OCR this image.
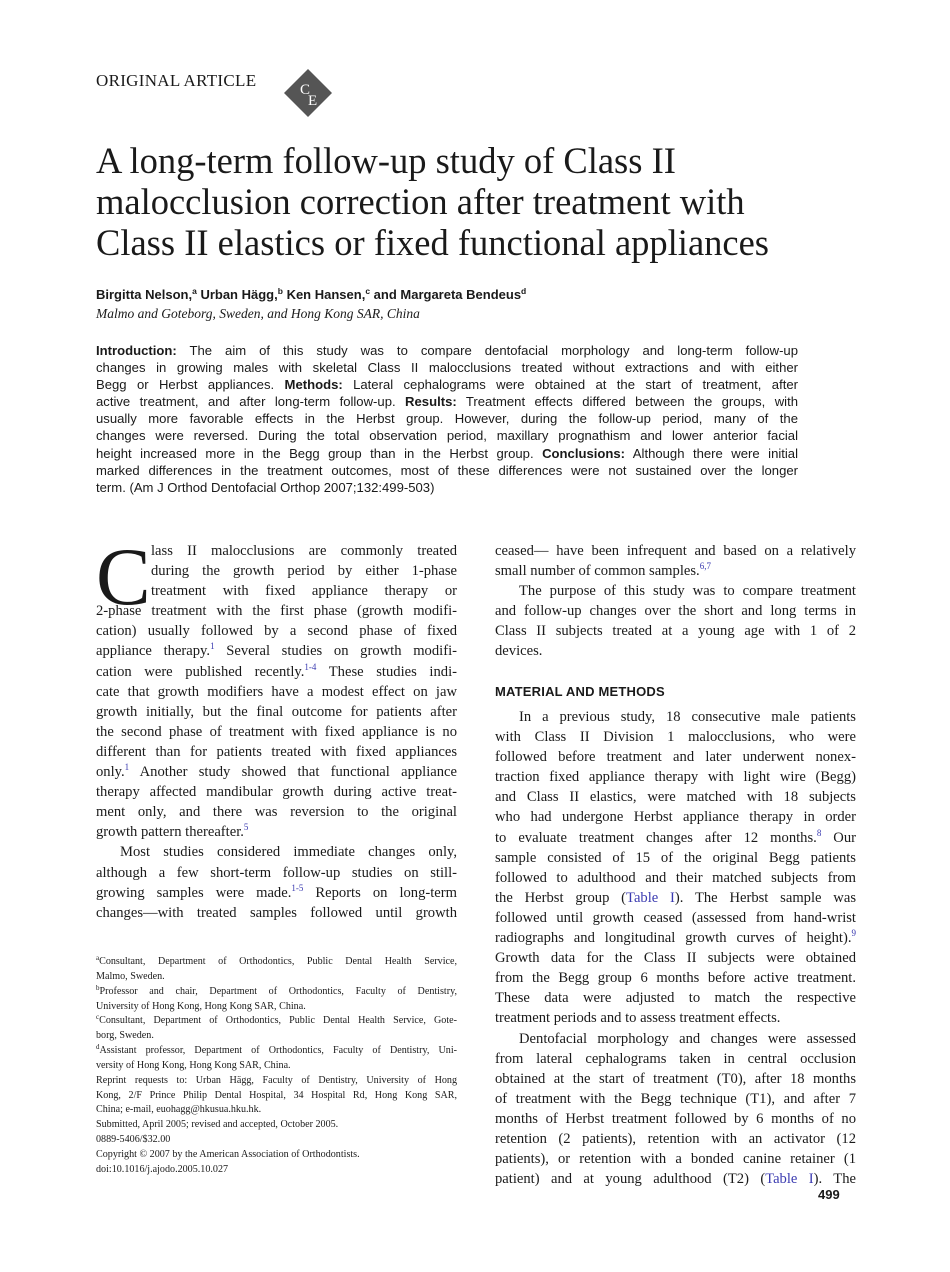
ORIGINAL ARTICLE	C
E
A long-term follow-up study of Class II
malocclusion correction after treatment with
Class II elastics or fixed functional appliances
Birgitta Nelson,$^a$ Urban Hägg,$^b$ Ken Hansen,$^c$ and Margareta Bendeus$^d$
Malmo and Goteborg, Sweden, and Hong Kong SAR, China
Introduction: The aim of this study was to compare dentofacial morphology and long-term follow-up
changes in growing males with skeletal Class II malocclusions treated without extractions and with either
Begg or Herbst appliances. Methods: Lateral cephalograms were obtained at the start of treatment, after
active treatment, and after long-term follow-up. Results: Treatment effects differed between the groups, with
usually more favorable effects in the Herbst group. However, during the follow-up period, many of the
changes were reversed. During the total observation period, maxillary prognathism and lower anterior facial
height increased more in the Begg group than in the Herbst group. Conclusions: Although there were initial
marked differences in the treatment outcomes, most of these differences were not sustained over the longer
term. (Am J Orthod Dentofacial Orthop 2007;132:499-503)
C lass II malocclusions are commonly treated
during the growth period by either 1-phase
treatment with fixed appliance therapy or
2-phase treatment with the first phase (growth modifi-
cation) usually followed by a second phase of fixed
appliance therapy.$^1$ Several studies on growth modifi-
cation were published recently.$^{1-4}$ These studies indi-
cate that growth modifiers have a modest effect on jaw
growth initially, but the final outcome for patients after
the second phase of treatment with fixed appliance is no
different than for patients treated with fixed appliances
only.$^1$ Another study showed that functional appliance
therapy affected mandibular growth during active treat-
ment only, and there was reversion to the original
growth pattern thereafter.$^5$
Most studies considered immediate changes only,
although a few short-term follow-up studies on still-
growing samples were made.$^{1-5}$ Reports on long-term
changes—with treated samples followed until growth
$^a$Consultant, Department of Orthodontics, Public Dental Health Service,
Malmo, Sweden.
$^b$Professor and chair, Department of Orthodontics, Faculty of Dentistry,
University of Hong Kong, Hong Kong SAR, China.
$^c$Consultant, Department of Orthodontics, Public Dental Health Service, Gote-
borg, Sweden.
$^d$Assistant professor, Department of Orthodontics, Faculty of Dentistry, Uni-
versity of Hong Kong, Hong Kong SAR, China.
Reprint requests to: Urban Hägg, Faculty of Dentistry, University of Hong
Kong, 2/F Prince Philip Dental Hospital, 34 Hospital Rd, Hong Kong SAR,
China; e-mail, euohagg@hkusua.hku.hk.
Submitted, April 2005; revised and accepted, October 2005.
0889-5406/$32.00
Copyright © 2007 by the American Association of Orthodontists.
doi:10.1016/j.ajodo.2005.10.027
ceased— have been infrequent and based on a relatively
small number of common samples.$^{6,7}$
The purpose of this study was to compare treatment
and follow-up changes over the short and long terms in
Class II subjects treated at a young age with 1 of 2
devices.
MATERIAL AND METHODS
In a previous study, 18 consecutive male patients
with Class II Division 1 malocclusions, who were
followed before treatment and later underwent nonex-
traction fixed appliance therapy with light wire (Begg)
and Class II elastics, were matched with 18 subjects
who had undergone Herbst appliance therapy in order
to evaluate treatment changes after 12 months.$^8$ Our
sample consisted of 15 of the original Begg patients
followed to adulthood and their matched subjects from
the Herbst group (Table I). The Herbst sample was
followed until growth ceased (assessed from hand-wrist
radiographs and longitudinal growth curves of height).$^9$
Growth data for the Class II subjects were obtained
from the Begg group 6 months before active treatment.
These data were adjusted to match the respective
treatment periods and to assess treatment effects.
Dentofacial morphology and changes were assessed
from lateral cephalograms taken in central occlusion
obtained at the start of treatment (T0), after 18 months
of treatment with the Begg technique (T1), and after 7
months of Herbst treatment followed by 6 months of no
retention (2 patients), retention with an activator (12
patients), or retention with a bonded canine retainer (1
patient) and at young adulthood (T2) (Table I). The
499
